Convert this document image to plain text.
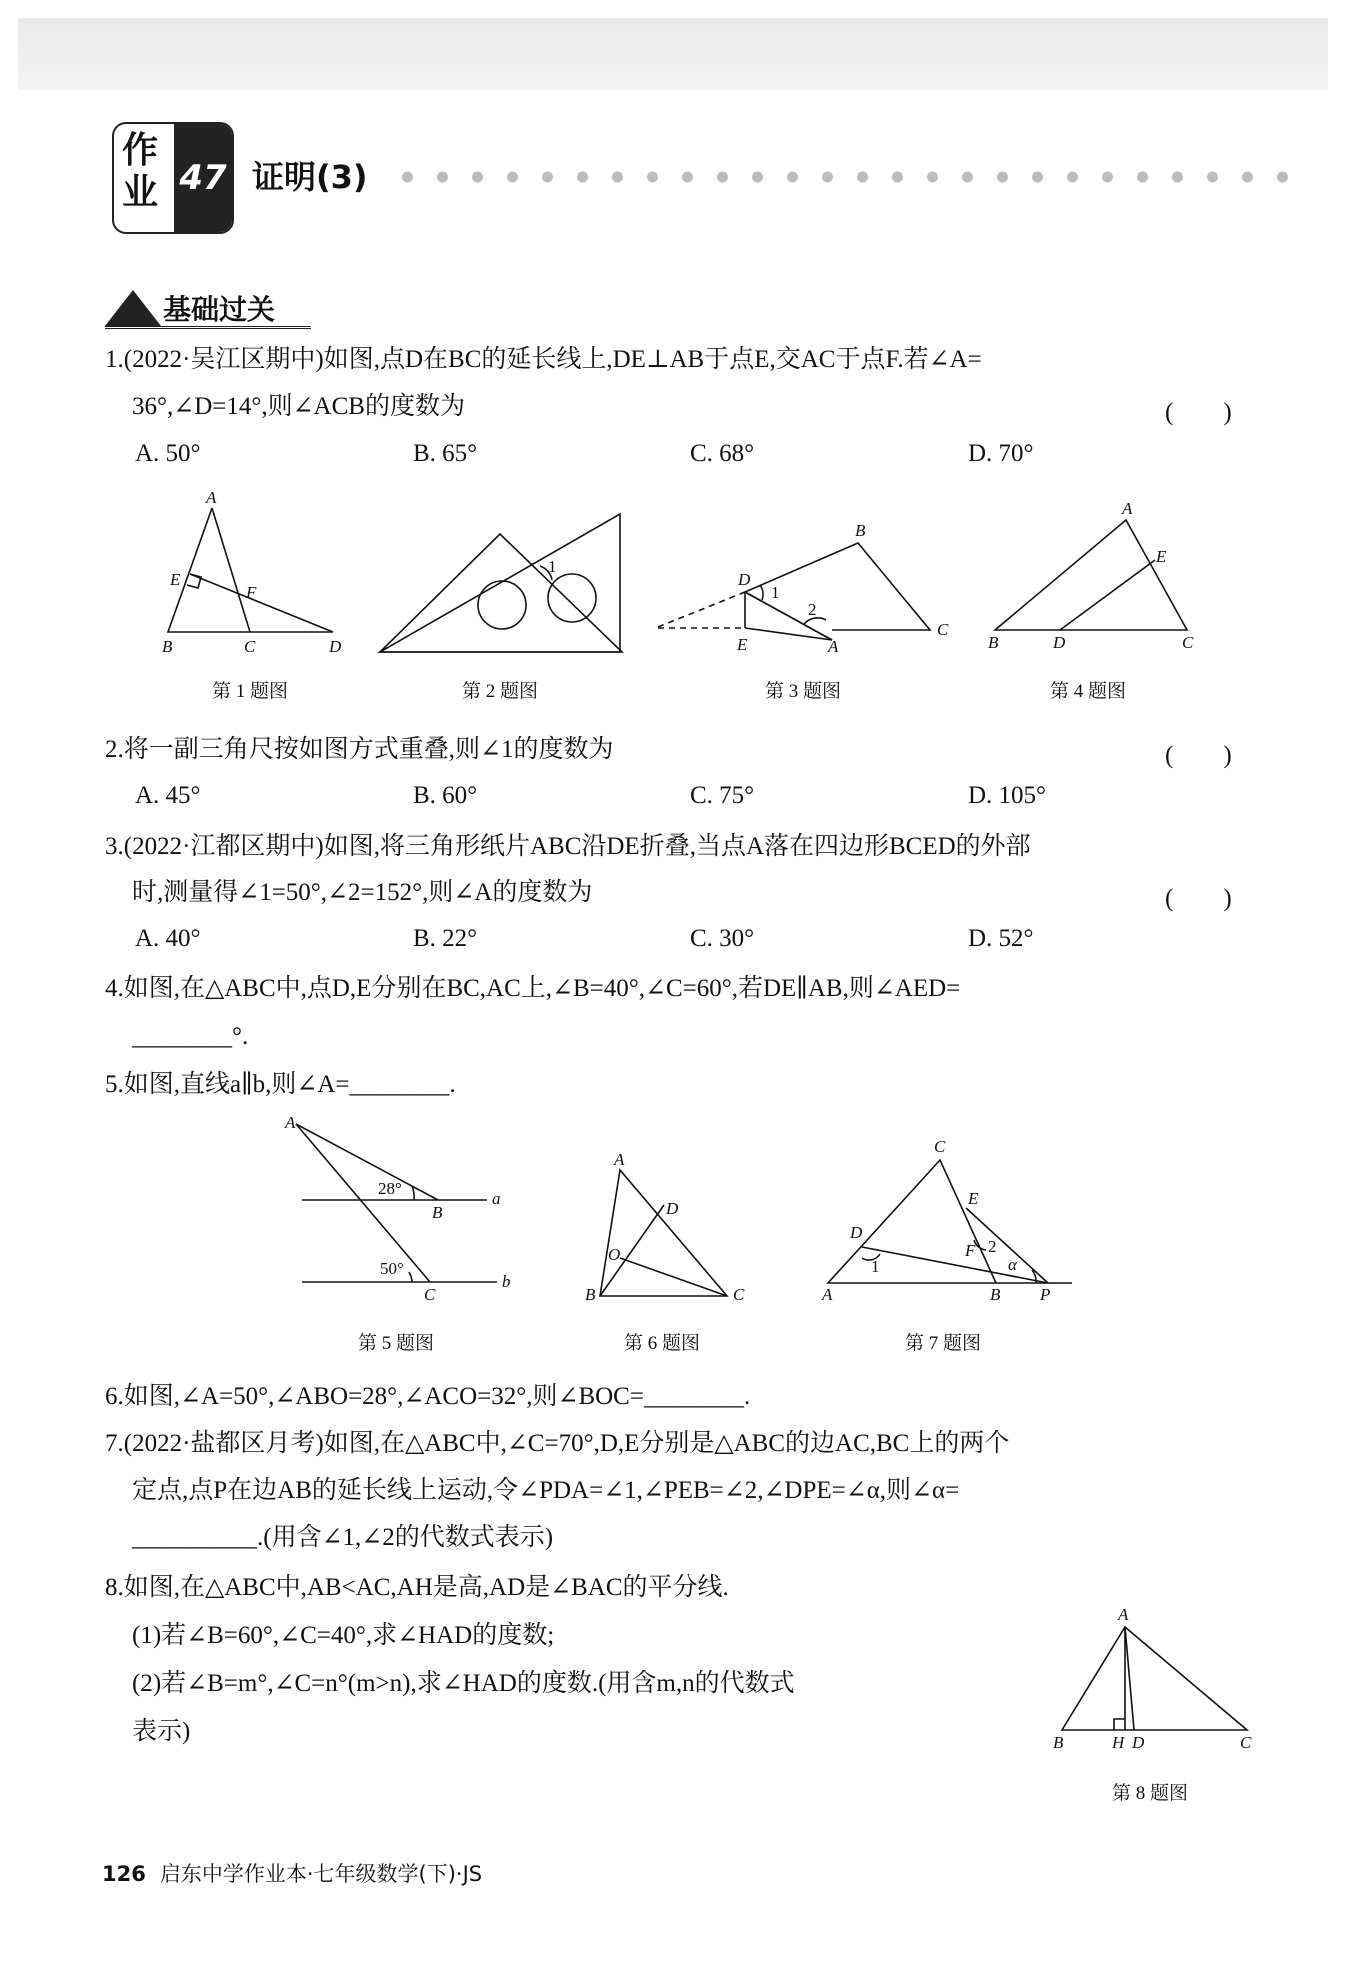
作业 47 证明(3)
基础过关
1.(2022·吴江区期中)如图,点D在BC的延长线上,DE⊥AB于点E,交AC于点F.若∠A=
36°,∠D=14°,则∠ACB的度数为	(　　)
A. 50°	B. 65°	C. 68°	D. 70°
A
E
F
B	C	D
1
B
D
1
2
C
E	A
A
E
B	D	C
A
28°
B
a
50°
C
b
A
D
O
B	C
C
E
D
2
α
F
1
A	B P
A
B	H D	C
第 1 题图	第 2 题图	第 3 题图	第 4 题图
2.将一副三角尺按如图方式重叠,则∠1的度数为	(　　)
A. 45°	B. 60°	C. 75°	D. 105°
3.(2022·江都区期中)如图,将三角形纸片ABC沿DE折叠,当点A落在四边形BCED的外部
时,测量得∠1=50°,∠2=152°,则∠A的度数为	(　　)
A. 40°	B. 22°	C. 30°	D. 52°
4.如图,在△ABC中,点D,E分别在BC,AC上,∠B=40°,∠C=60°,若DE∥AB,则∠AED=
________°.
5.如图,直线a∥b,则∠A=________.
第 5 题图	第 6 题图	第 7 题图
6.如图,∠A=50°,∠ABO=28°,∠ACO=32°,则∠BOC=________.
7.(2022·盐都区月考)如图,在△ABC中,∠C=70°,D,E分别是△ABC的边AC,BC上的两个
定点,点P在边AB的延长线上运动,令∠PDA=∠1,∠PEB=∠2,∠DPE=∠α,则∠α=
__________.(用含∠1,∠2的代数式表示)
8.如图,在△ABC中,AB<AC,AH是高,AD是∠BAC的平分线.
(1)若∠B=60°,∠C=40°,求∠HAD的度数;
(2)若∠B=m°,∠C=n°(m>n),求∠HAD的度数.(用含m,n的代数式
表示)
第 8 题图
126 启东中学作业本·七年级数学(下)·JS
